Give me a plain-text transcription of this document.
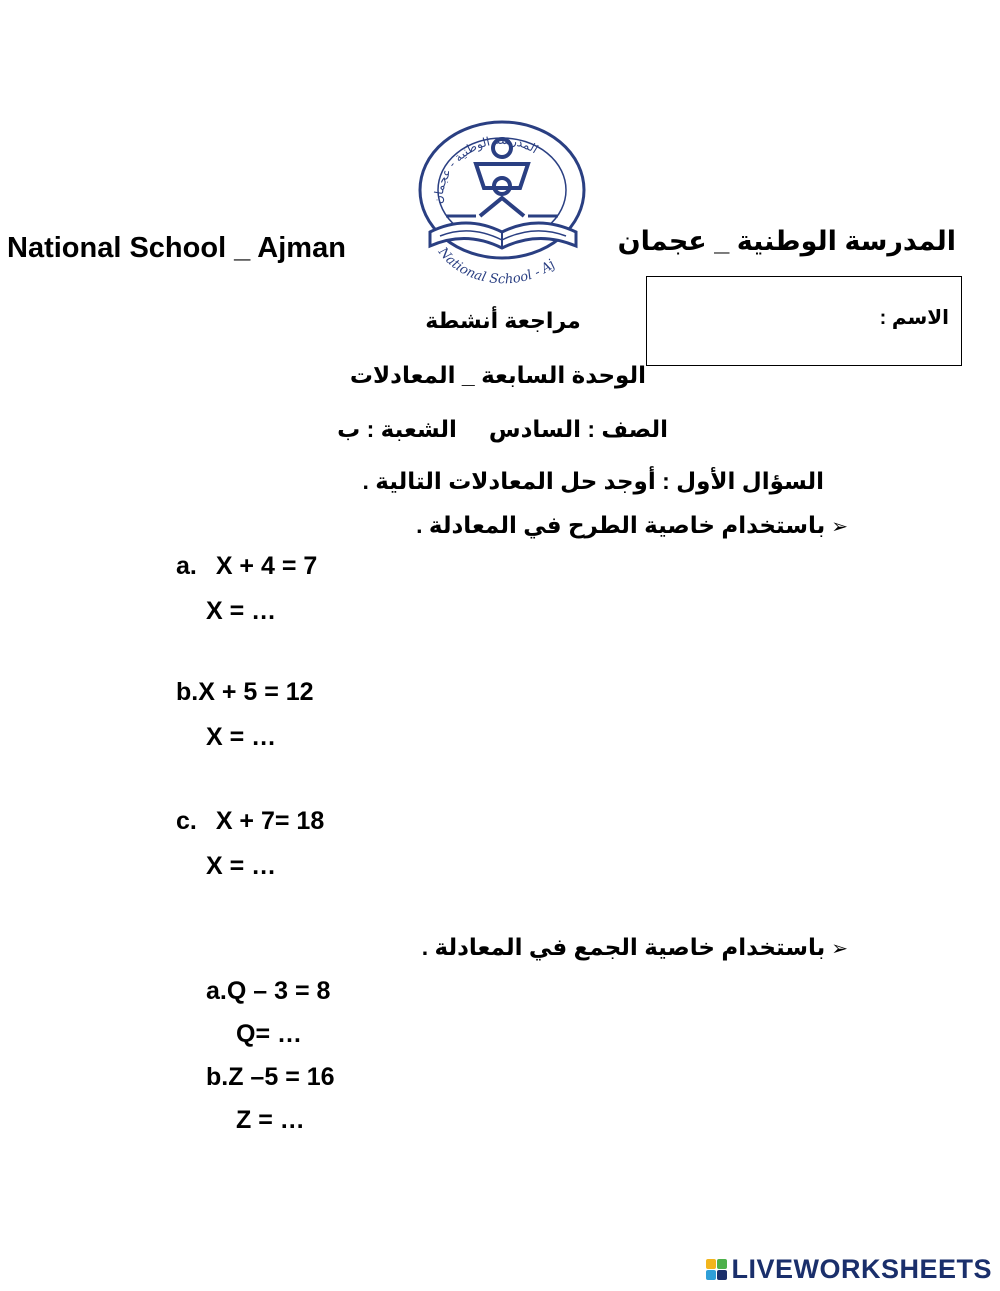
National School _ Ajman
المدرسة الوطنية - عجمان
National School - Aj
المدرسة الوطنية _ عجمان
الاسم :
مراجعة أنشطة
الوحدة السابعة _ المعادلات
الصف : السادس     الشعبة : ب
السؤال الأول : أوجد حل المعادلات التالية .
➢باستخدام خاصية الطرح في المعادلة .
a. X + 4 = 7
X = …
b.X + 5 = 12
X = …
c. X + 7= 18
X = …
➢باستخدام خاصية الجمع في المعادلة .
a.Q – 3 = 8
Q= …
b.Z –5 = 16
Z = …
LIVEWORKSHEETS
